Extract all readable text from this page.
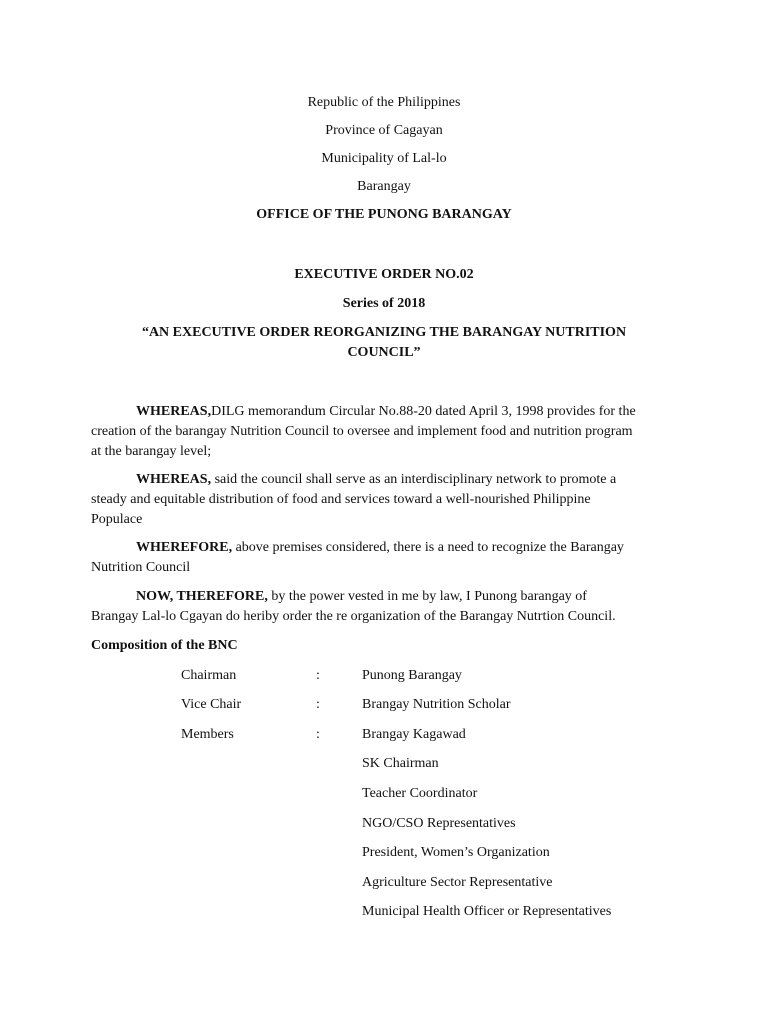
Republic of the Philippines
Province of Cagayan
Municipality of Lal-lo
Barangay
OFFICE OF THE PUNONG BARANGAY
EXECUTIVE ORDER NO.02
Series of 2018
“AN EXECUTIVE ORDER REORGANIZING THE BARANGAY NUTRITION
COUNCIL”
WHEREAS,DILG memorandum Circular No.88-20 dated April 3, 1998 provides for the
creation of the barangay Nutrition Council to oversee and implement food and nutrition program
at the barangay level;
WHEREAS, said the council shall serve as an interdisciplinary network to promote a
steady and equitable distribution of food and services toward a well-nourished Philippine
Populace
WHEREFORE, above premises considered, there is a need to recognize the Barangay
Nutrition Council
NOW, THEREFORE, by the power vested in me by law, I Punong barangay of
Brangay Lal-lo Cgayan do heriby order the re organization of the Barangay Nutrtion Council.
Composition of the BNC
Chairman	:	Punong Barangay
Vice Chair	:	Brangay Nutrition Scholar
Members	:	Brangay Kagawad
SK Chairman
Teacher Coordinator
NGO/CSO Representatives
President, Women’s Organization
Agriculture Sector Representative
Municipal Health Officer or Representatives
